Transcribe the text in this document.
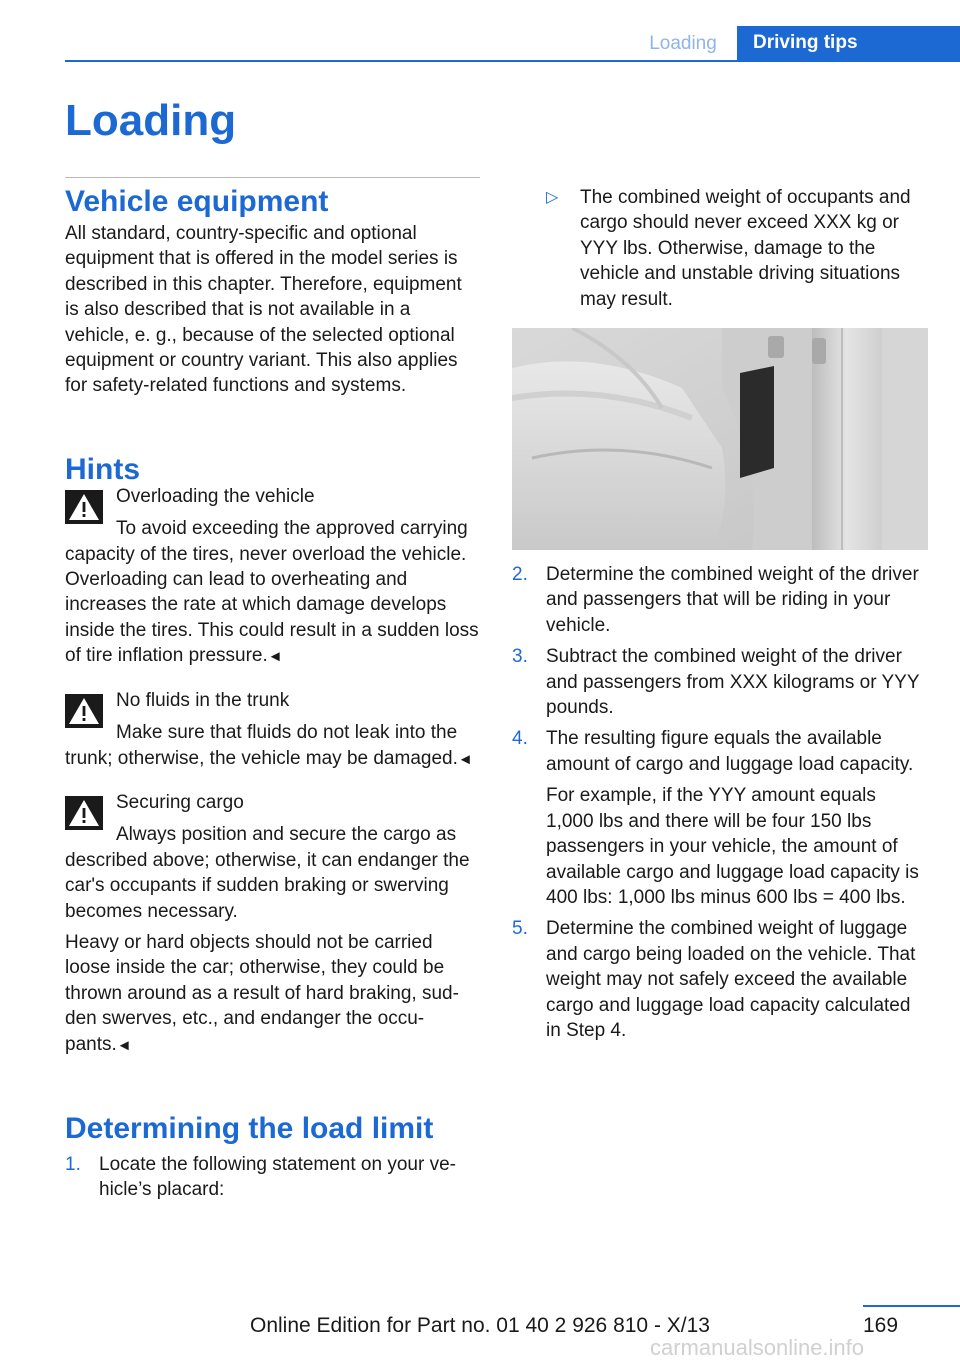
Loading	Driving tips
Loading
Vehicle equipment

All standard, country-specific and optional equipment that is offered in the model series is described in this chapter. Therefore, equipment is also described that is not available in a vehicle, e. g., because of the selected optional equipment or country variant. This also applies for safety-related functions and systems.

Hints

Overloading the vehicle

To avoid exceeding the approved carrying capacity of the tires, never overload the vehicle. Overloading can lead to overheating and increases the rate at which damage develops inside the tires. This could result in a sudden loss of tire inflation pressure.◄

No fluids in the trunk

Make sure that fluids do not leak into the trunk; otherwise, the vehicle may be damaged.◄

Securing cargo

Always position and secure the cargo as described above; otherwise, it can endanger the car's occupants if sudden braking or swerving becomes necessary.

Heavy or hard objects should not be carried loose inside the car; otherwise, they could be thrown around as a result of hard braking, sudden swerves, etc., and endanger the occupants.◄

Determining the load limit
1. Locate the following statement on your vehicle’s placard:
▷ The combined weight of occupants and cargo should never exceed XXX kg or YYY lbs. Otherwise, damage to the vehicle and unstable driving situations may result.
2. Determine the combined weight of the driver and passengers that will be riding in your vehicle.
3. Subtract the combined weight of the driver and passengers from XXX kilograms or YYY pounds.
4. The resulting figure equals the available amount of cargo and luggage load capacity.

For example, if the YYY amount equals 1,000 lbs and there will be four 150 lbs passengers in your vehicle, the amount of available cargo and luggage load capacity is 400 lbs: 1,000 lbs minus 600 lbs = 400 lbs.

5. Determine the combined weight of luggage and cargo being loaded on the vehicle. That weight may not safely exceed the available cargo and luggage load capacity calculated in Step 4.
169
Online Edition for Part no. 01 40 2 926 810 - X/13
carmanualsonline.info
